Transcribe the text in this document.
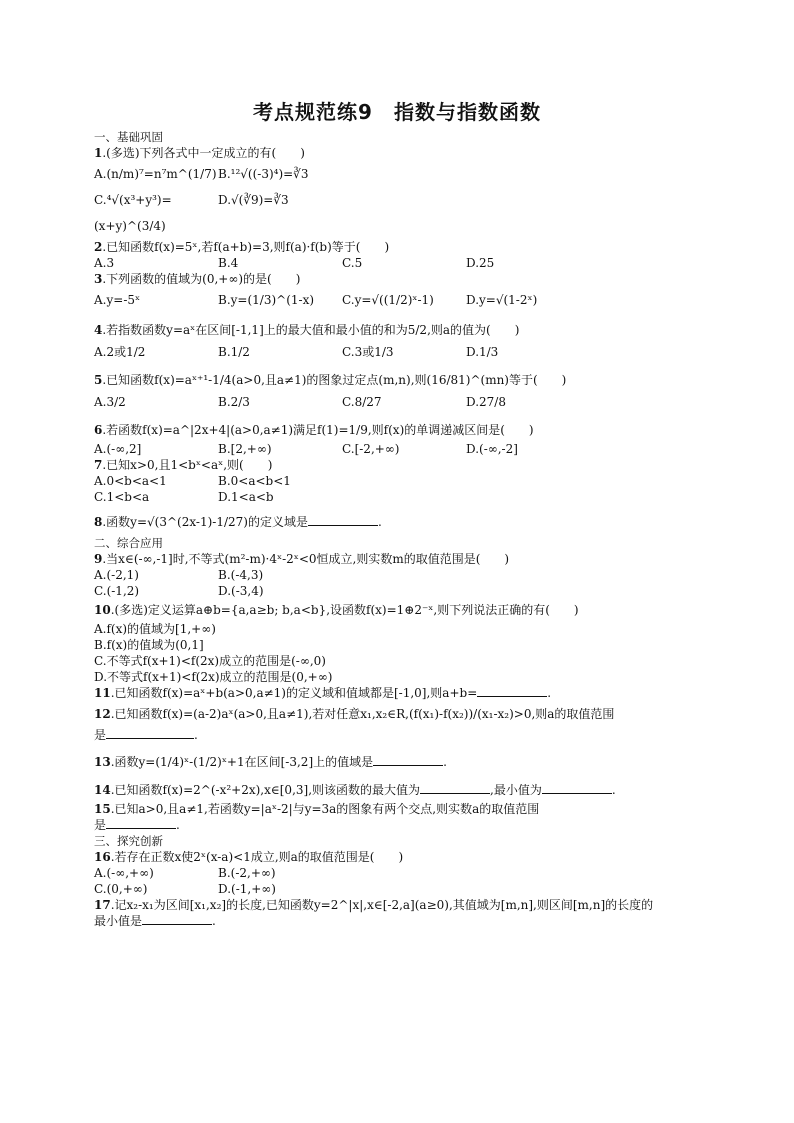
考点规范练9　指数与指数函数
一、基础巩固
1.(多选)下列各式中一定成立的有(　　)
A.(n/m)⁷=n⁷m^(1/7) B.¹²√((-3)⁴)=∛3
C.⁴√(x³+y³)=(x+y)^(3/4)
D.√(∛9)=∛3
2.已知函数f(x)=5ˣ,若f(a+b)=3,则f(a)·f(b)等于(　　)
A.3	B.4	C.5	D.25
3.下列函数的值域为(0,+∞)的是(　　)
A.y=-5ˣ	B.y=(1/3)^(1-x)	C.y=√((1/2)ˣ-1)	D.y=√(1-2ˣ)
4.若指数函数y=aˣ在区间[-1,1]上的最大值和最小值的和为5/2,则a的值为(　　)
A.2或1/2	B.1/2	C.3或1/3	D.1/3
5.已知函数f(x)=aˣ⁺¹-1/4(a>0,且a≠1)的图象过定点(m,n),则(16/81)^(mn)等于(　　)
A.3/2	B.2/3	C.8/27	D.27/8
6.若函数f(x)=a^|2x+4|(a>0,a≠1)满足f(1)=1/9,则f(x)的单调递减区间是(　　)
A.(-∞,2]	B.[2,+∞)	C.[-2,+∞)	D.(-∞,-2]
7.已知x>0,且1<bˣ<aˣ,则(　　)
A.0<b<a<1	B.0<a<b<1
C.1<b<a	D.1<a<b
8.函数y=√(3^(2x-1)-1/27)的定义域是	.
二、综合应用
9.当x∈(-∞,-1]时,不等式(m²-m)·4ˣ-2ˣ<0恒成立,则实数m的取值范围是(　　)
A.(-2,1)	B.(-4,3)
C.(-1,2)	D.(-3,4)
10.(多选)定义运算a⊕b={a,a≥b; b,a<b},设函数f(x)=1⊕2⁻ˣ,则下列说法正确的有(　　)
A.f(x)的值域为[1,+∞)
B.f(x)的值域为(0,1]
C.不等式f(x+1)<f(2x)成立的范围是(-∞,0)
D.不等式f(x+1)<f(2x)成立的范围是(0,+∞)
11.已知函数f(x)=aˣ+b(a>0,a≠1)的定义域和值域都是[-1,0],则a+b=	.
12.已知函数f(x)=(a-2)aˣ(a>0,且a≠1),若对任意x₁,x₂∈R,(f(x₁)-f(x₂))/(x₁-x₂)>0,则a的取值范围
是	.
13.函数y=(1/4)ˣ-(1/2)ˣ+1在区间[-3,2]上的值域是	.
14.已知函数f(x)=2^(-x²+2x),x∈[0,3],则该函数的最大值为	,最小值为	.
15.已知a>0,且a≠1,若函数y=|aˣ-2|与y=3a的图象有两个交点,则实数a的取值范围
是	.
三、探究创新
16.若存在正数x使2ˣ(x-a)<1成立,则a的取值范围是(　　)
A.(-∞,+∞)	B.(-2,+∞)
C.(0,+∞)	D.(-1,+∞)
17.记x₂-x₁为区间[x₁,x₂]的长度,已知函数y=2^|x|,x∈[-2,a](a≥0),其值域为[m,n],则区间[m,n]的长度的
最小值是	.
